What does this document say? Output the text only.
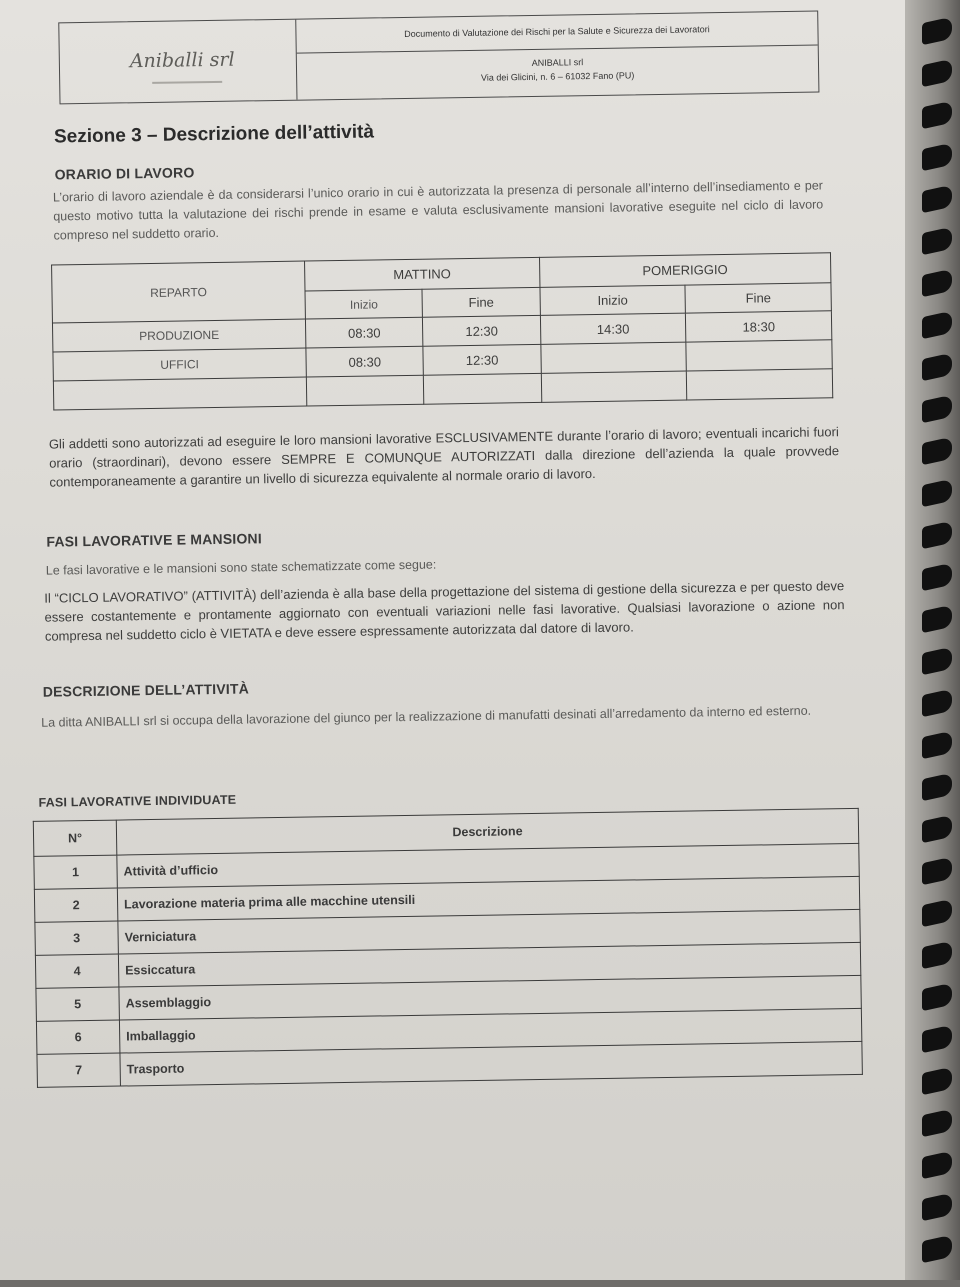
Aniballi srl
Documento di Valutazione dei Rischi per la Salute e Sicurezza dei Lavoratori
ANIBALLI srl
Via dei Glicini, n. 6 – 61032 Fano (PU)
Sezione 3 – Descrizione dell’attività
ORARIO DI LAVORO
L’orario di lavoro aziendale è da considerarsi l’unico orario in cui è autorizzata la presenza di personale all’interno dell’insediamento e per questo motivo tutta la valutazione dei rischi prende in esame e valuta esclusivamente mansioni lavorative eseguite nel ciclo di lavoro compreso nel suddetto orario.
REPARTO	MATTINO		POMERIGGIO	
	Inizio	Fine	Inizio	Fine
PRODUZIONE	08:30	12:30	14:30	18:30
UFFICI	08:30	12:30		

Gli addetti sono autorizzati ad eseguire le loro mansioni lavorative ESCLUSIVAMENTE durante l’orario di lavoro; eventuali incarichi fuori orario (straordinari), devono essere SEMPRE E COMUNQUE AUTORIZZATI dalla direzione dell’azienda la quale provvede contemporaneamente a garantire un livello di sicurezza equivalente al normale orario di lavoro.
FASI LAVORATIVE E MANSIONI
Le fasi lavorative e le mansioni sono state schematizzate come segue:
Il “CICLO LAVORATIVO” (ATTIVITÀ) dell’azienda è alla base della progettazione del sistema di gestione della sicurezza e per questo deve essere costantemente e prontamente aggiornato con eventuali variazioni nelle fasi lavorative. Qualsiasi lavorazione o azione non compresa nel suddetto ciclo è VIETATA e deve essere espressamente autorizzata dal datore di lavoro.
DESCRIZIONE DELL’ATTIVITÀ
La ditta ANIBALLI srl si occupa della lavorazione del giunco per la realizzazione di manufatti desinati all’arredamento da interno ed esterno.
FASI LAVORATIVE INDIVIDUATE
N°	Descrizione
1	Attività d’ufficio
2	Lavorazione materia prima alle macchine utensili
3	Verniciatura
4	Essiccatura
5	Assemblaggio
6	Imballaggio
7	Trasporto
